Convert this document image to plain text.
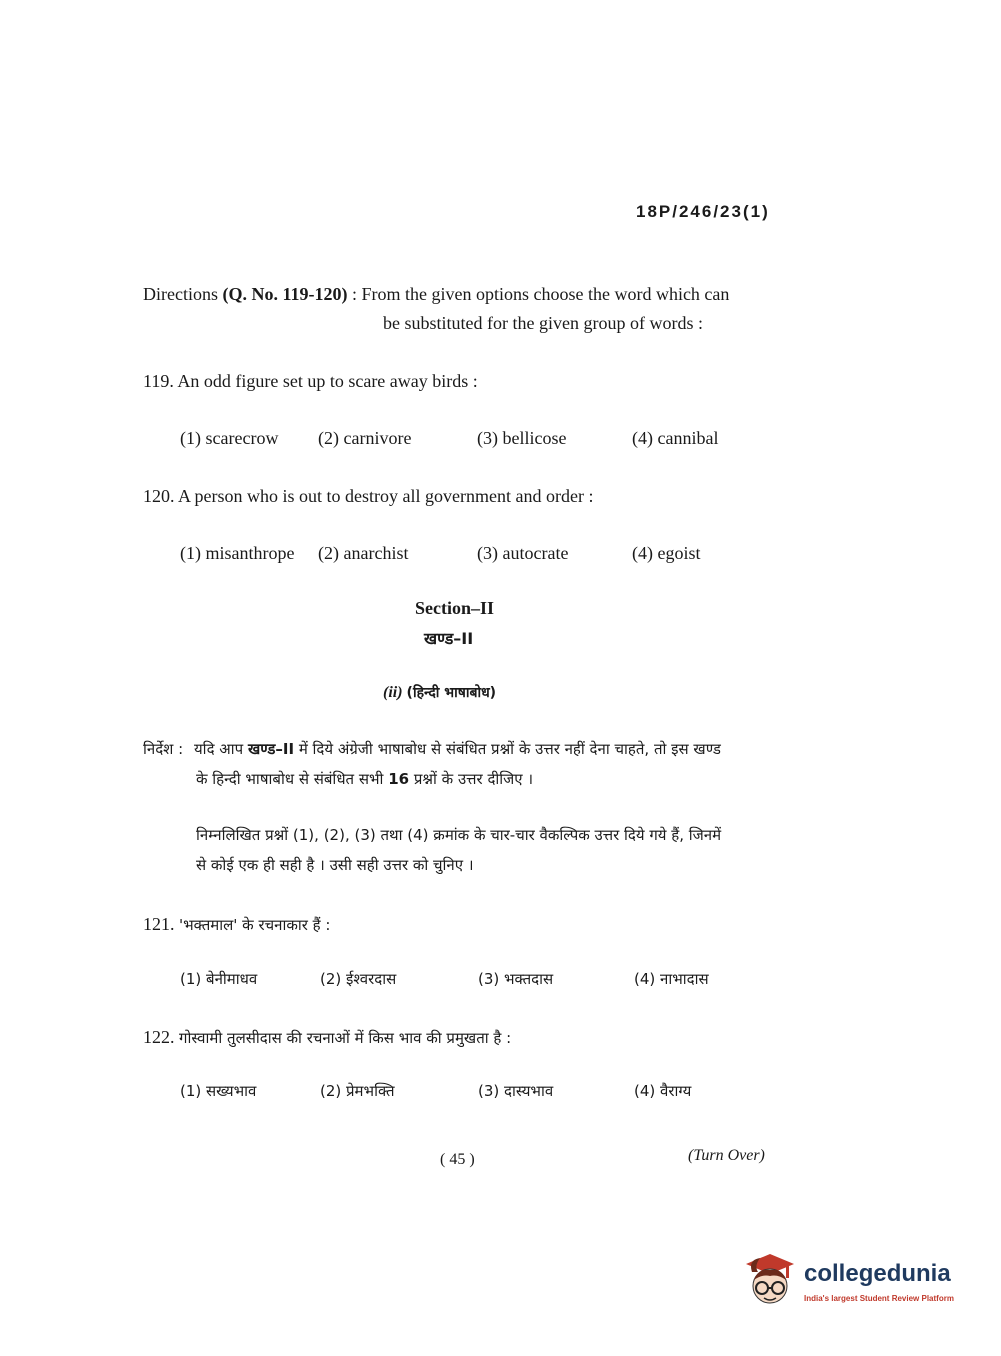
18P/246/23(1)
Directions (Q. No. 119-120) : From the given options choose the word which can
be substituted for the given group of words :
119. An odd figure set up to scare away birds :
(1) scarecrow (2) carnivore	(3) bellicose	(4) cannibal
120. A person who is out to destroy all government and order :
(1) misanthrope (2) anarchist	(3) autocrate	(4) egoist
Section–II
खण्ड–II
(ii) (हिन्दी भाषाबोध)
निर्देश : यदि आप खण्ड–II में दिये अंग्रेजी भाषाबोध से संबंधित प्रश्नों के उत्तर नहीं देना चाहते, तो इस खण्ड
के हिन्दी भाषाबोध से संबंधित सभी 16 प्रश्नों के उत्तर दीजिए ।
निम्नलिखित प्रश्नों (1), (2), (3) तथा (4) क्रमांक के चार-चार वैकल्पिक उत्तर दिये गये हैं, जिनमें
से कोई एक ही सही है । उसी सही उत्तर को चुनिए ।
121. 'भक्तमाल' के रचनाकार हैं :
(1) बेनीमाधव	(2) ईश्वरदास	(3) भक्तदास	(4) नाभादास
122. गोस्वामी तुलसीदास की रचनाओं में किस भाव की प्रमुखता है :
(1) सख्यभाव	(2) प्रेमभक्ति	(3) दास्यभाव	(4) वैराग्य
( 45 )	(Turn Over)
collegedunia
India's largest Student Review Platform
